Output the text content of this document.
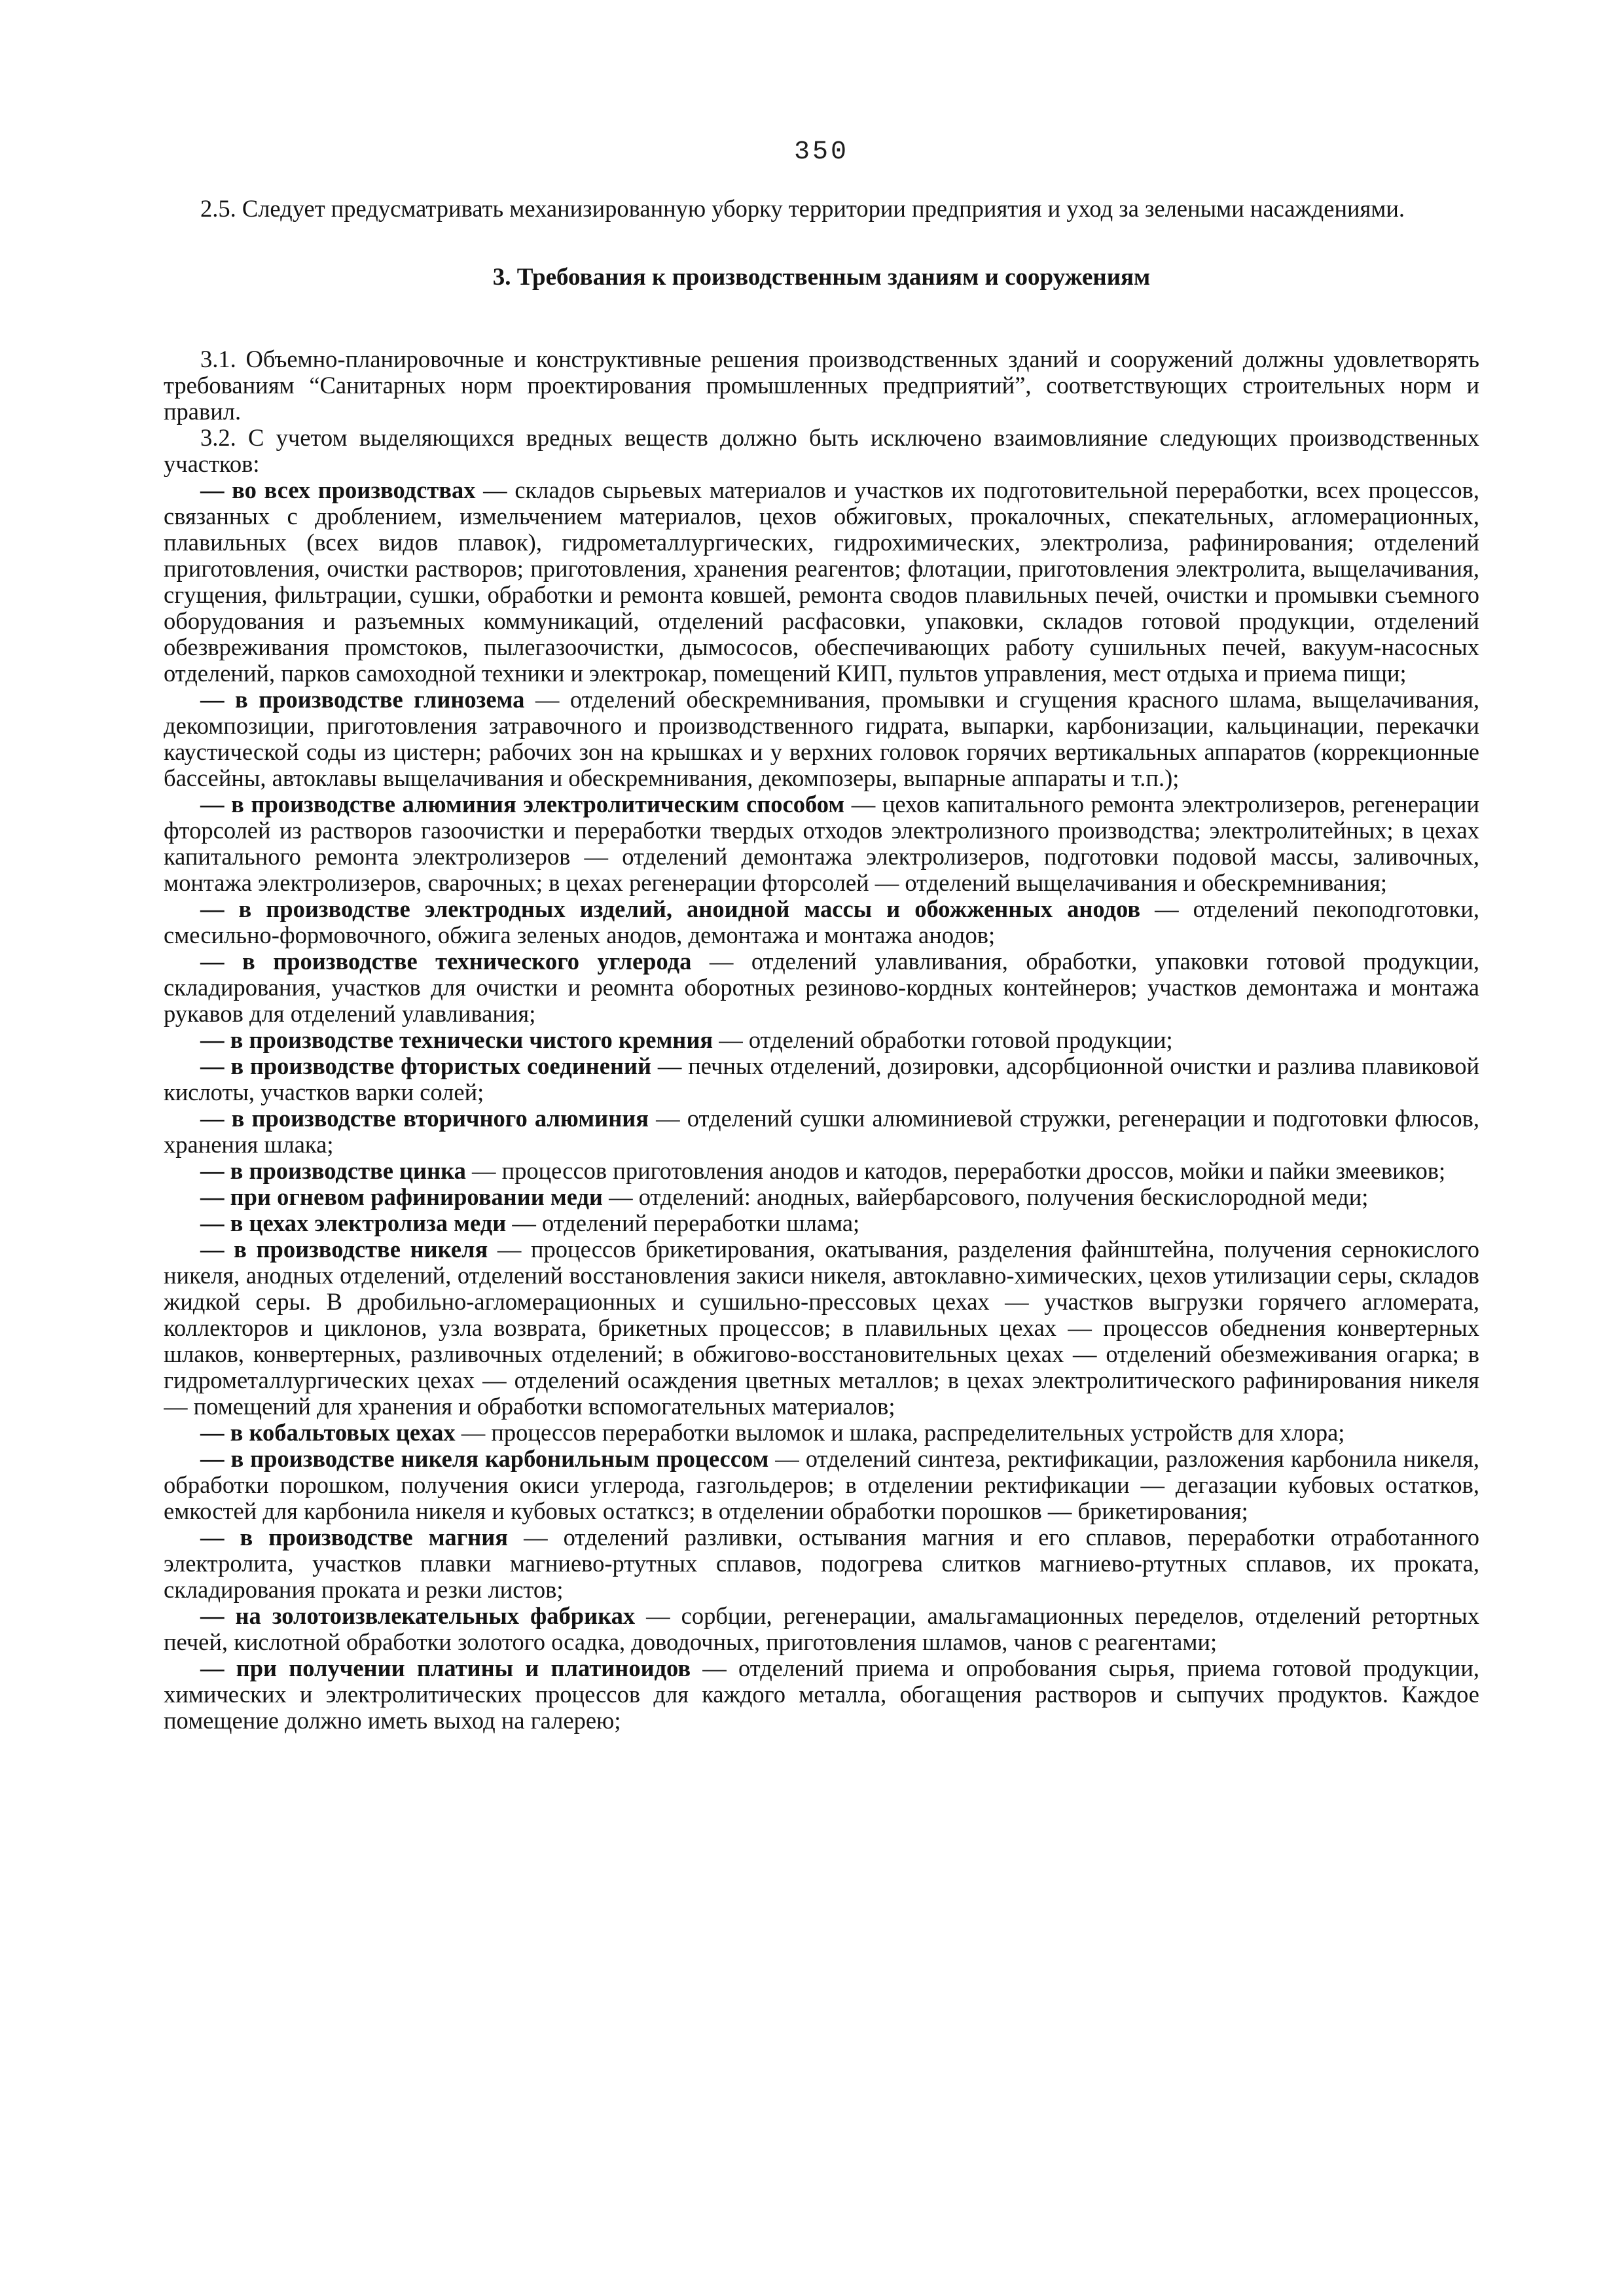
350

2.5. Следует предусматривать механизированную уборку территории предприятия и уход за зелеными насаждениями.

3. Требования к производственным зданиям и сооружениям

3.1. Объемно-планировочные и конструктивные решения производственных зданий и сооружений должны удовлетворять требованиям “Санитарных норм проектирования промышленных предприятий”, соответствующих строительных норм и правил.

3.2. С учетом выделяющихся вредных веществ должно быть исключено взаимовлияние следующих производственных участков:

— во всех производствах — складов сырьевых материалов и участков их подготовительной переработки, всех процессов, связанных с дроблением, измельчением материалов, цехов обжиговых, прокалочных, спекательных, агломерационных, плавильных (всех видов плавок), гидрометаллургических, гидрохимических, электролиза, рафинирования; отделений приготовления, очистки растворов; приготовления, хранения реагентов; флотации, приготовления электролита, выщелачивания, сгущения, фильтрации, сушки, обработки и ремонта ковшей, ремонта сводов плавильных печей, очистки и промывки съемного оборудования и разъемных коммуникаций, отделений расфасовки, упаковки, складов готовой продукции, отделений обезвреживания промстоков, пылегазоочистки, дымососов, обеспечивающих работу сушильных печей, вакуум-насосных отделений, парков самоходной техники и электрокар, помещений КИП, пультов управления, мест отдыха и приема пищи;

— в производстве глинозема — отделений обескремнивания, промывки и сгущения красного шлама, выщелачивания, декомпозиции, приготовления затравочного и производственного гидрата, выпарки, карбонизации, кальцинации, перекачки каустической соды из цистерн; рабочих зон на крышках и у верхних головок горячих вертикальных аппаратов (коррекционные бассейны, автоклавы выщелачивания и обескремнивания, декомпозеры, выпарные аппараты и т.п.);

— в производстве алюминия электролитическим способом — цехов капитального ремонта электролизеров, регенерации фторсолей из растворов газоочистки и переработки твердых отходов электролизного производства; электролитейных; в цехах капитального ремонта электролизеров — отделений демонтажа электролизеров, подготовки подовой массы, заливочных, монтажа электролизеров, сварочных; в цехах регенерации фторсолей — отделений выщелачивания и обескремнивания;

— в производстве электродных изделий, аноидной массы и обожженных анодов — отделений пекоподготовки, смесильно-формовочного, обжига зеленых анодов, демонтажа и монтажа анодов;

— в производстве технического углерода — отделений улавливания, обработки, упаковки готовой продукции, складирования, участков для очистки и реомнта оборотных резиново-кордных контейнеров; участков демонтажа и монтажа рукавов для отделений улавливания;

— в производстве технически чистого кремния — отделений обработки готовой продукции;

— в производстве фтористых соединений — печных отделений, дозировки, адсорбционной очистки и разлива плавиковой кислоты, участков варки солей;

— в производстве вторичного алюминия — отделений сушки алюминиевой стружки, регенерации и подготовки флюсов, хранения шлака;

— в производстве цинка — процессов приготовления анодов и катодов, переработки дроссов, мойки и пайки змеевиков;

— при огневом рафинировании меди — отделений: анодных, вайербарсового, получения бескислородной меди;

— в цехах электролиза меди — отделений переработки шлама;

— в производстве никеля — процессов брикетирования, окатывания, разделения файнштейна, получения сернокислого никеля, анодных отделений, отделений восстановления закиси никеля, автоклавно-химических, цехов утилизации серы, складов жидкой серы. В дробильно-агломерационных и сушильно-прессовых цехах — участков выгрузки горячего агломерата, коллекторов и циклонов, узла возврата, брикетных процессов; в плавильных цехах — процессов обеднения конвертерных шлаков, конвертерных, разливочных отделений; в обжигово-восстановительных цехах — отделений обезмеживания огарка; в гидрометаллургических цехах — отделений осаждения цветных металлов; в цехах электролитического рафинирования никеля — помещений для хранения и обработки вспомогательных материалов;

— в кобальтовых цехах — процессов переработки выломок и шлака, распределительных устройств для хлора;

— в производстве никеля карбонильным процессом — отделений синтеза, ректификации, разложения карбонила никеля, обработки порошком, получения окиси углерода, газгольдеров; в отделении ректификации — дегазации кубовых остатков, емкостей для карбонила никеля и кубовых остатксз; в отделении обработки порошков — брикетирования;

— в производстве магния — отделений разливки, остывания магния и его сплавов, переработки отработанного электролита, участков плавки магниево-ртутных сплавов, подогрева слитков магниево-ртутных сплавов, их проката, складирования проката и резки листов;

— на золотоизвлекательных фабриках — сорбции, регенерации, амальгамационных переделов, отделений ретортных печей, кислотной обработки золотого осадка, доводочных, приготовления шламов, чанов с реагентами;

— при получении платины и платиноидов — отделений приема и опробования сырья, приема готовой продукции, химических и электролитических процессов для каждого металла, обогащения растворов и сыпучих продуктов. Каждое помещение должно иметь выход на галерею;
